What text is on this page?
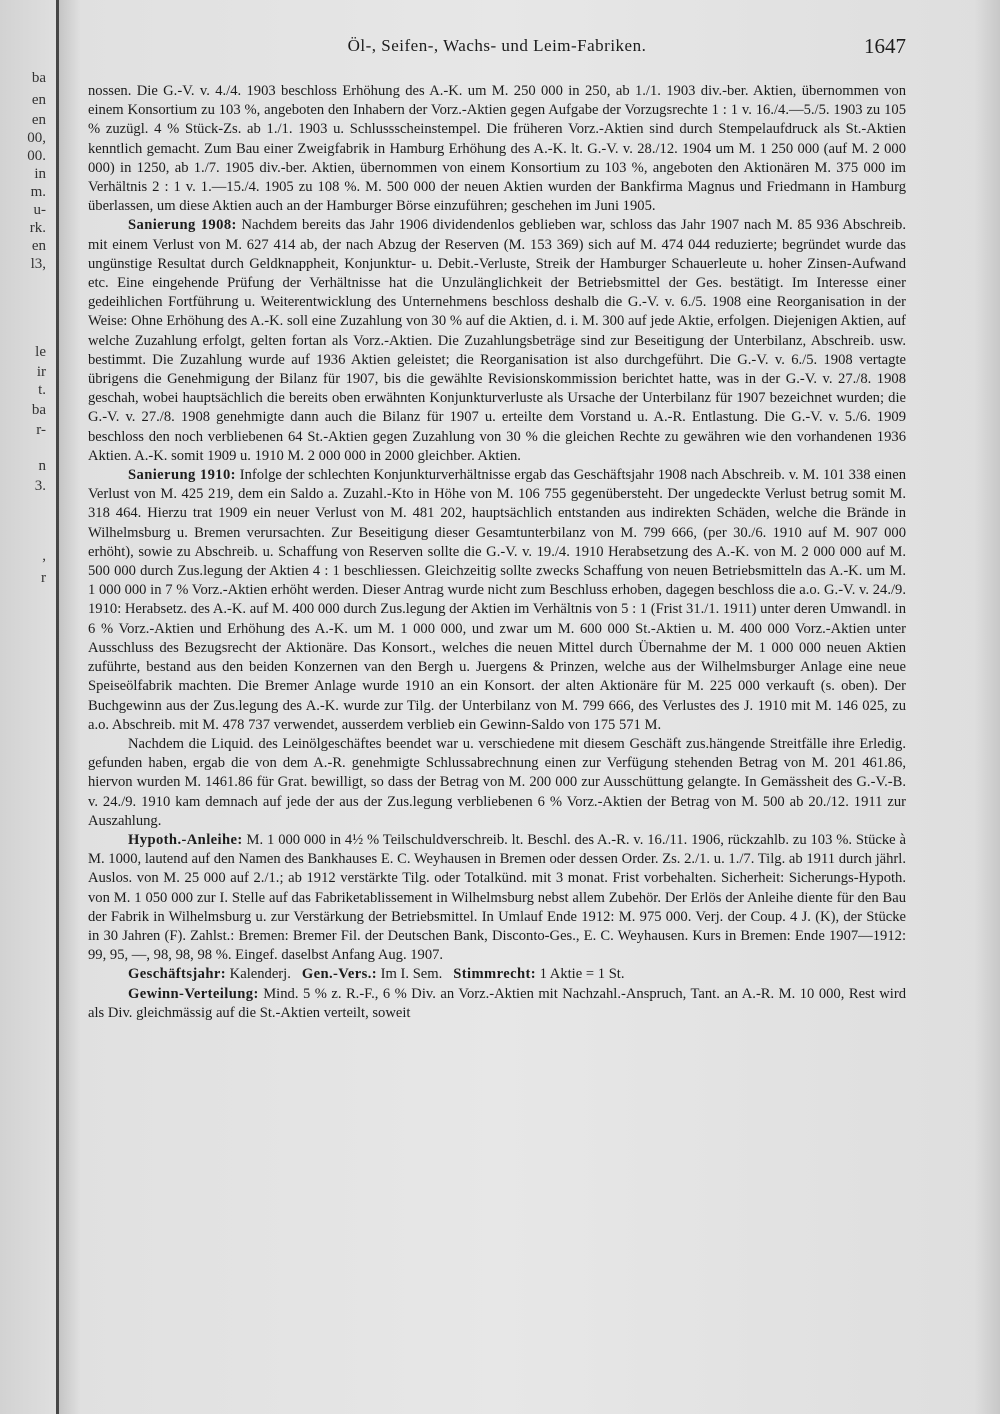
ba
en
en
00,
00.
in
m.
u-
rk.
en
l3,
le
ir
t.
ba
r-
n
3.
,
r
Öl-, Seifen-, Wachs- und Leim-Fabriken.	1647

nossen. Die G.-V. v. 4./4. 1903 beschloss Erhöhung des A.-K. um M. 250 000 in 250, ab 1./1. 1903 div.-ber. Aktien, übernommen von einem Konsortium zu 103 %, angeboten den Inhabern der Vorz.-Aktien gegen Aufgabe der Vorzugsrechte 1 : 1 v. 16./4.—5./5. 1903 zu 105 % zuzügl. 4 % Stück-Zs. ab 1./1. 1903 u. Schlussscheinstempel. Die früheren Vorz.-Aktien sind durch Stempelaufdruck als St.-Aktien kenntlich gemacht. Zum Bau einer Zweigfabrik in Hamburg Erhöhung des A.-K. lt. G.-V. v. 28./12. 1904 um M. 1 250 000 (auf M. 2 000 000) in 1250, ab 1./7. 1905 div.-ber. Aktien, übernommen von einem Konsortium zu 103 %, angeboten den Aktionären M. 375 000 im Verhältnis 2 : 1 v. 1.—15./4. 1905 zu 108 %. M. 500 000 der neuen Aktien wurden der Bankfirma Magnus und Friedmann in Hamburg überlassen, um diese Aktien auch an der Hamburger Börse einzuführen; geschehen im Juni 1905.

Sanierung 1908: Nachdem bereits das Jahr 1906 dividendenlos geblieben war, schloss das Jahr 1907 nach M. 85 936 Abschreib. mit einem Verlust von M. 627 414 ab, der nach Abzug der Reserven (M. 153 369) sich auf M. 474 044 reduzierte; begründet wurde das ungünstige Resultat durch Geldknappheit, Konjunktur- u. Debit.-Verluste, Streik der Hamburger Schauerleute u. hoher Zinsen-Aufwand etc. Eine eingehende Prüfung der Verhältnisse hat die Unzulänglichkeit der Betriebsmittel der Ges. bestätigt. Im Interesse einer gedeihlichen Fortführung u. Weiterentwicklung des Unternehmens beschloss deshalb die G.-V. v. 6./5. 1908 eine Reorganisation in der Weise: Ohne Erhöhung des A.-K. soll eine Zuzahlung von 30 % auf die Aktien, d. i. M. 300 auf jede Aktie, erfolgen. Diejenigen Aktien, auf welche Zuzahlung erfolgt, gelten fortan als Vorz.-Aktien. Die Zuzahlungsbeträge sind zur Beseitigung der Unterbilanz, Abschreib. usw. bestimmt. Die Zuzahlung wurde auf 1936 Aktien geleistet; die Reorganisation ist also durchgeführt. Die G.-V. v. 6./5. 1908 vertagte übrigens die Genehmigung der Bilanz für 1907, bis die gewählte Revisionskommission berichtet hatte, was in der G.-V. v. 27./8. 1908 geschah, wobei hauptsächlich die bereits oben erwähnten Konjunkturverluste als Ursache der Unterbilanz für 1907 bezeichnet wurden; die G.-V. v. 27./8. 1908 genehmigte dann auch die Bilanz für 1907 u. erteilte dem Vorstand u. A.-R. Entlastung. Die G.-V. v. 5./6. 1909 beschloss den noch verbliebenen 64 St.-Aktien gegen Zuzahlung von 30 % die gleichen Rechte zu gewähren wie den vorhandenen 1936 Aktien. A.-K. somit 1909 u. 1910 M. 2 000 000 in 2000 gleichber. Aktien.

Sanierung 1910: Infolge der schlechten Konjunkturverhältnisse ergab das Geschäftsjahr 1908 nach Abschreib. v. M. 101 338 einen Verlust von M. 425 219, dem ein Saldo a. Zuzahl.-Kto in Höhe von M. 106 755 gegenübersteht. Der ungedeckte Verlust betrug somit M. 318 464. Hierzu trat 1909 ein neuer Verlust von M. 481 202, hauptsächlich entstanden aus indirekten Schäden, welche die Brände in Wilhelmsburg u. Bremen verursachten. Zur Beseitigung dieser Gesamtunterbilanz von M. 799 666, (per 30./6. 1910 auf M. 907 000 erhöht), sowie zu Abschreib. u. Schaffung von Reserven sollte die G.-V. v. 19./4. 1910 Herabsetzung des A.-K. von M. 2 000 000 auf M. 500 000 durch Zus.legung der Aktien 4 : 1 beschliessen. Gleichzeitig sollte zwecks Schaffung von neuen Betriebsmitteln das A.-K. um M. 1 000 000 in 7 % Vorz.-Aktien erhöht werden. Dieser Antrag wurde nicht zum Beschluss erhoben, dagegen beschloss die a.o. G.-V. v. 24./9. 1910: Herabsetz. des A.-K. auf M. 400 000 durch Zus.legung der Aktien im Verhältnis von 5 : 1 (Frist 31./1. 1911) unter deren Umwandl. in 6 % Vorz.-Aktien und Erhöhung des A.-K. um M. 1 000 000, und zwar um M. 600 000 St.-Aktien u. M. 400 000 Vorz.-Aktien unter Ausschluss des Bezugsrecht der Aktionäre. Das Konsort., welches die neuen Mittel durch Übernahme der M. 1 000 000 neuen Aktien zuführte, bestand aus den beiden Konzernen van den Bergh u. Juergens & Prinzen, welche aus der Wilhelmsburger Anlage eine neue Speiseölfabrik machten. Die Bremer Anlage wurde 1910 an ein Konsort. der alten Aktionäre für M. 225 000 verkauft (s. oben). Der Buchgewinn aus der Zus.legung des A.-K. wurde zur Tilg. der Unterbilanz von M. 799 666, des Verlustes des J. 1910 mit M. 146 025, zu a.o. Abschreib. mit M. 478 737 verwendet, ausserdem verblieb ein Gewinn-Saldo von 175 571 M.

Nachdem die Liquid. des Leinölgeschäftes beendet war u. verschiedene mit diesem Geschäft zus.hängende Streitfälle ihre Erledig. gefunden haben, ergab die von dem A.-R. genehmigte Schlussabrechnung einen zur Verfügung stehenden Betrag von M. 201 461.86, hiervon wurden M. 1461.86 für Grat. bewilligt, so dass der Betrag von M. 200 000 zur Ausschüttung gelangte. In Gemässheit des G.-V.-B. v. 24./9. 1910 kam demnach auf jede der aus der Zus.legung verbliebenen 6 % Vorz.-Aktien der Betrag von M. 500 ab 20./12. 1911 zur Auszahlung.

Hypoth.-Anleihe: M. 1 000 000 in 4½ % Teilschuldverschreib. lt. Beschl. des A.-R. v. 16./11. 1906, rückzahlb. zu 103 %. Stücke à M. 1000, lautend auf den Namen des Bankhauses E. C. Weyhausen in Bremen oder dessen Order. Zs. 2./1. u. 1./7. Tilg. ab 1911 durch jährl. Auslos. von M. 25 000 auf 2./1.; ab 1912 verstärkte Tilg. oder Totalkünd. mit 3 monat. Frist vorbehalten. Sicherheit: Sicherungs-Hypoth. von M. 1 050 000 zur I. Stelle auf das Fabriketablissement in Wilhelmsburg nebst allem Zubehör. Der Erlös der Anleihe diente für den Bau der Fabrik in Wilhelmsburg u. zur Verstärkung der Betriebsmittel. In Umlauf Ende 1912: M. 975 000. Verj. der Coup. 4 J. (K), der Stücke in 30 Jahren (F). Zahlst.: Bremen: Bremer Fil. der Deutschen Bank, Disconto-Ges., E. C. Weyhausen. Kurs in Bremen: Ende 1907—1912: 99, 95, —, 98, 98, 98 %. Eingef. daselbst Anfang Aug. 1907.

Geschäftsjahr: Kalenderj. Gen.-Vers.: Im I. Sem. Stimmrecht: 1 Aktie = 1 St.

Gewinn-Verteilung: Mind. 5 % z. R.-F., 6 % Div. an Vorz.-Aktien mit Nachzahl.-Anspruch, Tant. an A.-R. M. 10 000, Rest wird als Div. gleichmässig auf die St.-Aktien verteilt, soweit
